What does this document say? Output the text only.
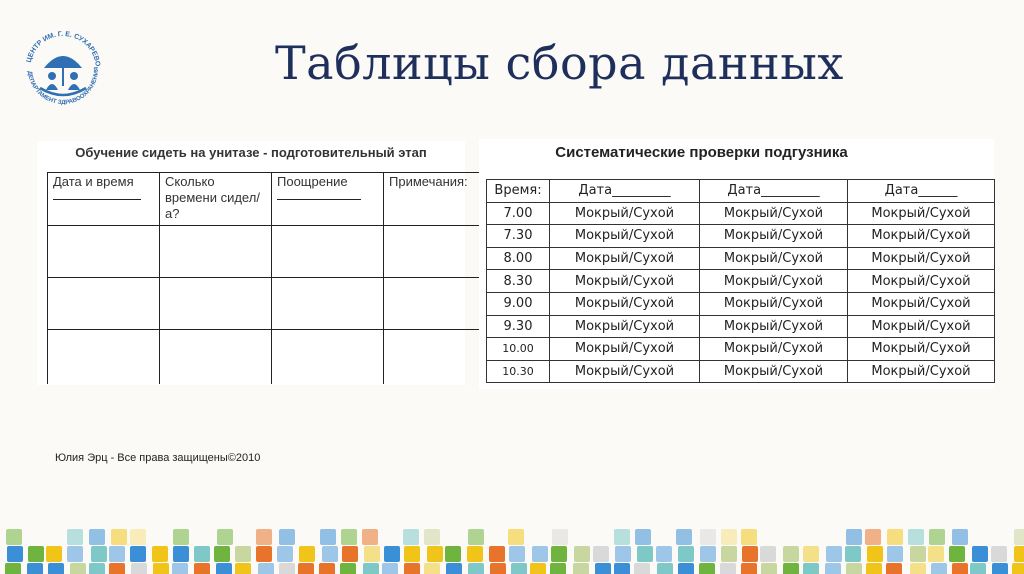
ЦЕНТР ИМ. Г. Е. СУХАРЕВО
ДЕПАРТАМЕНТ ЗДРАВООХРАНЕНИЯ	Таблицы сбора данных
Обучение сидеть на унитазе - подготовительный этап
Дата и время	Сколько времени сидел/а?	Поощрение	Примечания:

Систематические проверки подгузника
Время:	Дата_________	Дата_________	Дата______
7.00	Мокрый/Сухой	Мокрый/Сухой	Мокрый/Сухой
7.30	Мокрый/Сухой	Мокрый/Сухой	Мокрый/Сухой
8.00	Мокрый/Сухой	Мокрый/Сухой	Мокрый/Сухой
8.30	Мокрый/Сухой	Мокрый/Сухой	Мокрый/Сухой
9.00	Мокрый/Сухой	Мокрый/Сухой	Мокрый/Сухой
9.30	Мокрый/Сухой	Мокрый/Сухой	Мокрый/Сухой
10.00	Мокрый/Сухой	Мокрый/Сухой	Мокрый/Сухой
10.30	Мокрый/Сухой	Мокрый/Сухой	Мокрый/Сухой
Юлия Эрц - Все права защищены©2010
